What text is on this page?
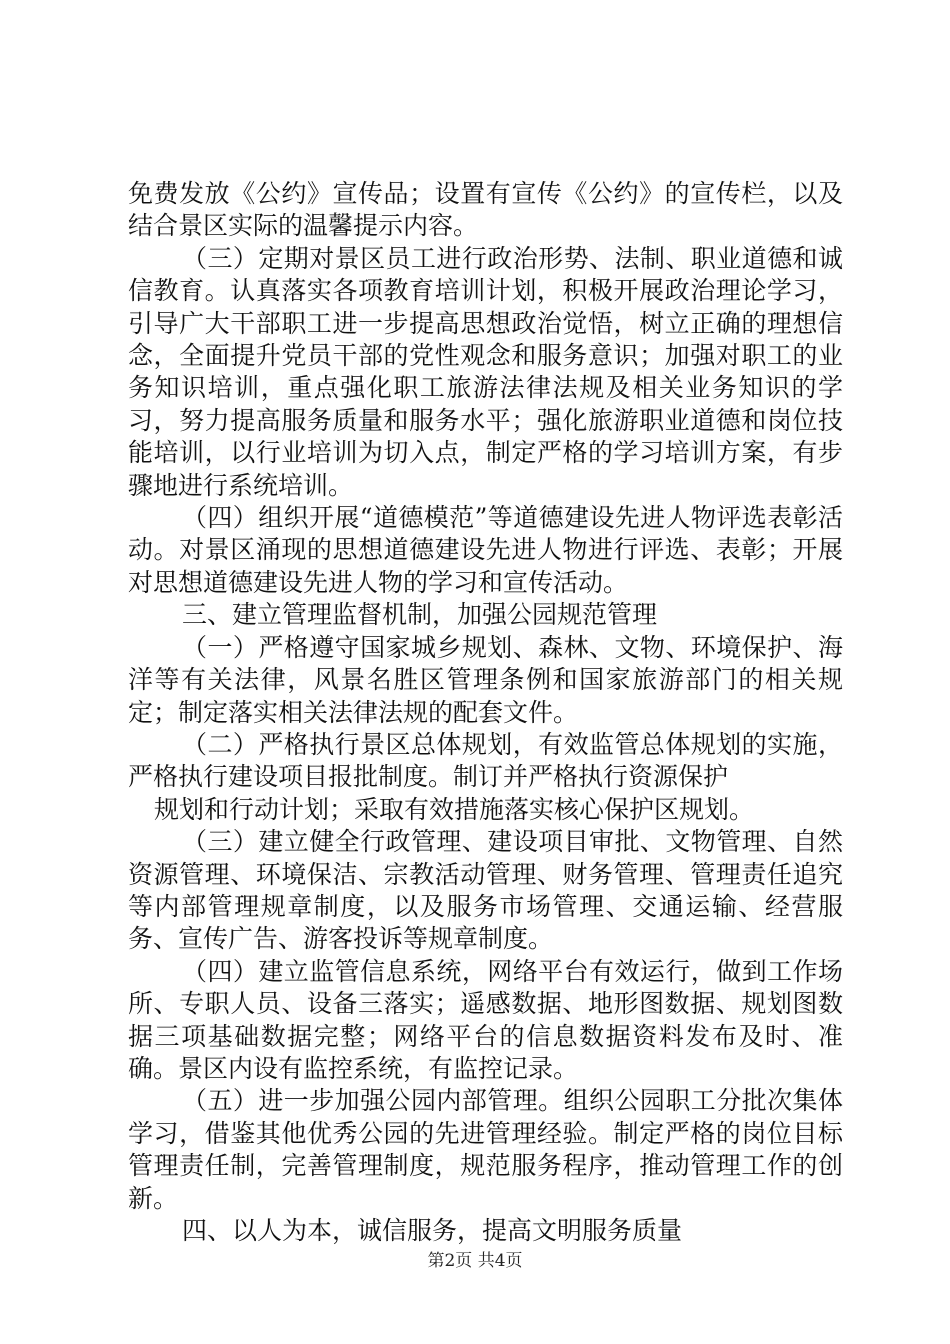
免费发放《公约》宣传品；设置有宣传《公约》的宣传栏，以及结合景区实际的温馨提示内容。

（三）定期对景区员工进行政治形势、法制、职业道德和诚信教育。认真落实各项教育培训计划，积极开展政治理论学习，引导广大干部职工进一步提高思想政治觉悟，树立正确的理想信念，全面提升党员干部的党性观念和服务意识；加强对职工的业务知识培训，重点强化职工旅游法律法规及相关业务知识的学习，努力提高服务质量和服务水平；强化旅游职业道德和岗位技能培训，以行业培训为切入点，制定严格的学习培训方案，有步骤地进行系统培训。

（四）组织开展“道德模范”等道德建设先进人物评选表彰活动。对景区涌现的思想道德建设先进人物进行评选、表彰；开展对思想道德建设先进人物的学习和宣传活动。

三、建立管理监督机制，加强公园规范管理

（一）严格遵守国家城乡规划、森林、文物、环境保护、海洋等有关法律，风景名胜区管理条例和国家旅游部门的相关规定；制定落实相关法律法规的配套文件。

（二）严格执行景区总体规划，有效监管总体规划的实施，严格执行建设项目报批制度。制订并严格执行资源保护

规划和行动计划；采取有效措施落实核心保护区规划。

（三）建立健全行政管理、建设项目审批、文物管理、自然资源管理、环境保洁、宗教活动管理、财务管理、管理责任追究等内部管理规章制度，以及服务市场管理、交通运输、经营服务、宣传广告、游客投诉等规章制度。

（四）建立监管信息系统，网络平台有效运行，做到工作场所、专职人员、设备三落实；遥感数据、地形图数据、规划图数据三项基础数据完整；网络平台的信息数据资料发布及时、准确。景区内设有监控系统，有监控记录。

（五）进一步加强公园内部管理。组织公园职工分批次集体学习，借鉴其他优秀公园的先进管理经验。制定严格的岗位目标管理责任制，完善管理制度，规范服务程序，推动管理工作的创新。

四、以人为本，诚信服务，提高文明服务质量

第2页 共4页
